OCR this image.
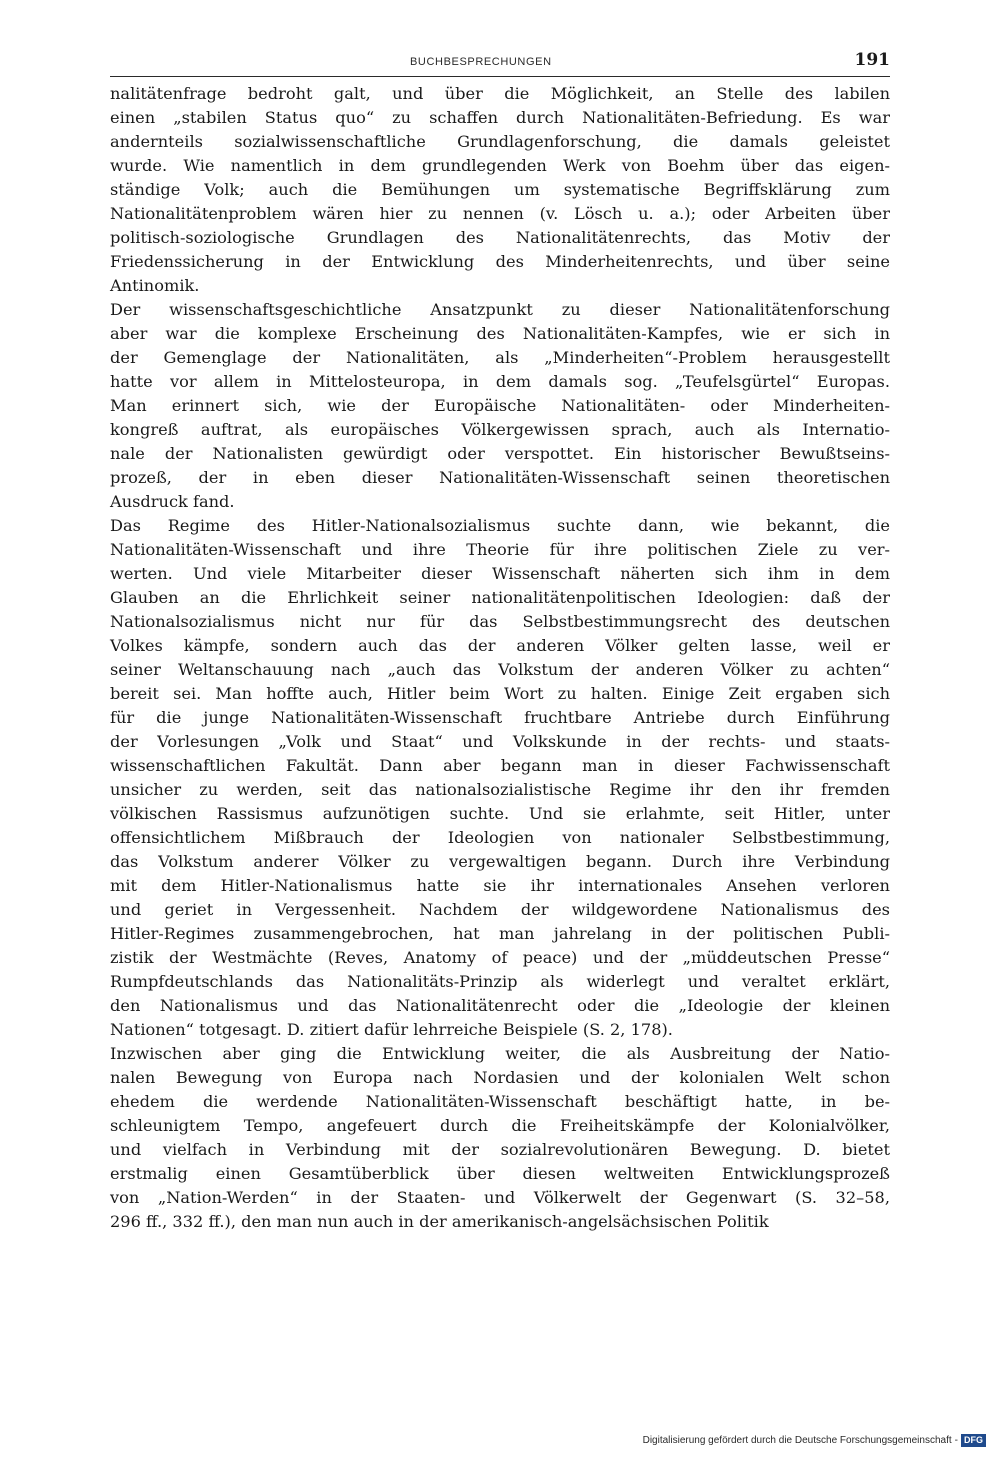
BUCHBESPRECHUNGEN	191
nalitätenfrage bedroht galt, und über die Möglichkeit, an Stelle des labilen
einen „stabilen Status quo“ zu schaffen durch Nationalitäten-Befriedung. Es war
andernteils sozialwissenschaftliche Grundlagenforschung, die damals geleistet
wurde. Wie namentlich in dem grundlegenden Werk von Boehm über das eigen-
ständige Volk; auch die Bemühungen um systematische Begriffsklärung zum
Nationalitätenproblem wären hier zu nennen (v. Lösch u. a.); oder Arbeiten über
politisch-soziologische Grundlagen des Nationalitätenrechts, das Motiv der
Friedenssicherung in der Entwicklung des Minderheitenrechts, und über seine
Antinomik.
Der wissenschaftsgeschichtliche Ansatzpunkt zu dieser Nationalitätenforschung
aber war die komplexe Erscheinung des Nationalitäten-Kampfes, wie er sich in
der Gemenglage der Nationalitäten, als „Minderheiten“-Problem herausgestellt
hatte vor allem in Mittelosteuropa, in dem damals sog. „Teufelsgürtel“ Europas.
Man erinnert sich, wie der Europäische Nationalitäten- oder Minderheiten-
kongreß auftrat, als europäisches Völkergewissen sprach, auch als Internatio-
nale der Nationalisten gewürdigt oder verspottet. Ein historischer Bewußtseins-
prozeß, der in eben dieser Nationalitäten-Wissenschaft seinen theoretischen
Ausdruck fand.
Das Regime des Hitler-Nationalsozialismus suchte dann, wie bekannt, die
Nationalitäten-Wissenschaft und ihre Theorie für ihre politischen Ziele zu ver-
werten. Und viele Mitarbeiter dieser Wissenschaft näherten sich ihm in dem
Glauben an die Ehrlichkeit seiner nationalitätenpolitischen Ideologien: daß der
Nationalsozialismus nicht nur für das Selbstbestimmungsrecht des deutschen
Volkes kämpfe, sondern auch das der anderen Völker gelten lasse, weil er
seiner Weltanschauung nach „auch das Volkstum der anderen Völker zu achten“
bereit sei. Man hoffte auch, Hitler beim Wort zu halten. Einige Zeit ergaben sich
für die junge Nationalitäten-Wissenschaft fruchtbare Antriebe durch Einführung
der Vorlesungen „Volk und Staat“ und Volkskunde in der rechts- und staats-
wissenschaftlichen Fakultät. Dann aber begann man in dieser Fachwissenschaft
unsicher zu werden, seit das nationalsozialistische Regime ihr den ihr fremden
völkischen Rassismus aufzunötigen suchte. Und sie erlahmte, seit Hitler, unter
offensichtlichem Mißbrauch der Ideologien von nationaler Selbstbestimmung,
das Volkstum anderer Völker zu vergewaltigen begann. Durch ihre Verbindung
mit dem Hitler-Nationalismus hatte sie ihr internationales Ansehen verloren
und geriet in Vergessenheit. Nachdem der wildgewordene Nationalismus des
Hitler-Regimes zusammengebrochen, hat man jahrelang in der politischen Publi-
zistik der Westmächte (Reves, Anatomy of peace) und der „müddeutschen Presse“
Rumpfdeutschlands das Nationalitäts-Prinzip als widerlegt und veraltet erklärt,
den Nationalismus und das Nationalitätenrecht oder die „Ideologie der kleinen
Nationen“ totgesagt. D. zitiert dafür lehrreiche Beispiele (S. 2, 178).
Inzwischen aber ging die Entwicklung weiter, die als Ausbreitung der Natio-
nalen Bewegung von Europa nach Nordasien und der kolonialen Welt schon
ehedem die werdende Nationalitäten-Wissenschaft beschäftigt hatte, in be-
schleunigtem Tempo, angefeuert durch die Freiheitskämpfe der Kolonialvölker,
und vielfach in Verbindung mit der sozialrevolutionären Bewegung. D. bietet
erstmalig einen Gesamtüberblick über diesen weltweiten Entwicklungsprozeß
von „Nation-Werden“ in der Staaten- und Völkerwelt der Gegenwart (S. 32–58,
296 ff., 332 ff.), den man nun auch in der amerikanisch-angelsächsischen Politik
Digitalisierung gefördert durch die Deutsche Forschungsgemeinschaft - DFG
